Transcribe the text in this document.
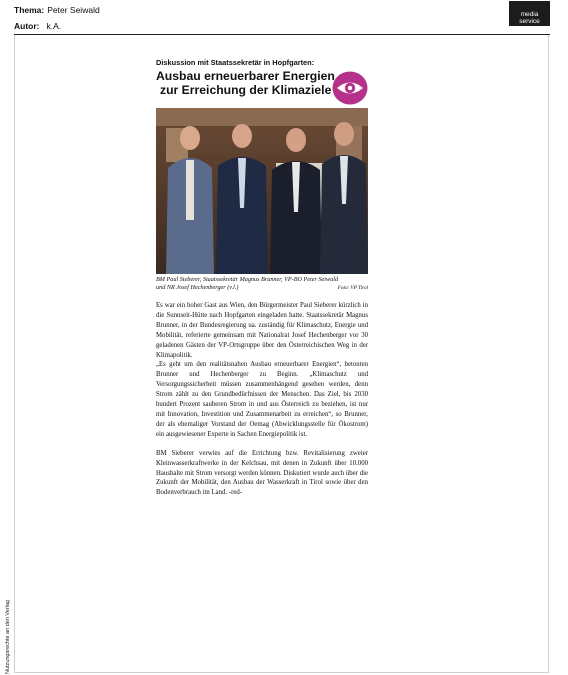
Thema: Peter Seiwald
Autor: k.A.
media
service
Nutzungsrechte an den Verlag
Diskussion mit Staatssekretär in Hopfgarten:
Ausbau erneuerbarer Energien
zur Erreichung der Klimaziele
BM Paul Sieberer, Staatssekretär Magnus Brunner, VP-BO Peter Seiwald
und NR Josef Hechenberger (v.l.)	Foto: VP Tirol

Es war ein hoher Gast aus Wien, den Bürgermeister Paul Sieberer kürzlich in die Sunnseit-Hütte nach Hopfgarten eingeladen hatte. Staatssekretär Magnus Brunner, in der Bundesregierung ua. zuständig für Klimaschutz, Energie und Mobilität, referierte gemeinsam mit Nationalrat Josef Hechenberger vor 30 geladenen Gästen der VP-Ortsgruppe über den Österreichischen Weg in der Klimapolitik.

„Es geht um den realitätsnahen Ausbau erneuerbarer Energien“, betonten Brunner und Hechenberger zu Beginn. „Klimaschutz und Versorgungssicherheit müssen zusammenhängend gesehen werden, denn Strom zählt zu den Grundbedürfnissen der Menschen. Das Ziel, bis 2030 hundert Prozent sauberen Strom in und aus Österreich zu beziehen, ist nur mit Innovation, Investition und Zusammenarbeit zu erreichen“, so Brunner, der als ehemaliger Vorstand der Oemag (Abwicklungsstelle für Ökostrom) ein ausgewiesener Experte in Sachen Energiepolitik ist.

BM Sieberer verwies auf die Errichtung bzw. Revitalisierung zweier Kleinwasserkraftwerke in der Kelchsau, mit denen in Zukunft über 10.000 Haushalte mit Strom versorgt werden können. Diskutiert wurde auch über die Zukunft der Mobilität, den Ausbau der Wasserkraft in Tirol sowie über den Bodenverbrauch im Land. -red-
